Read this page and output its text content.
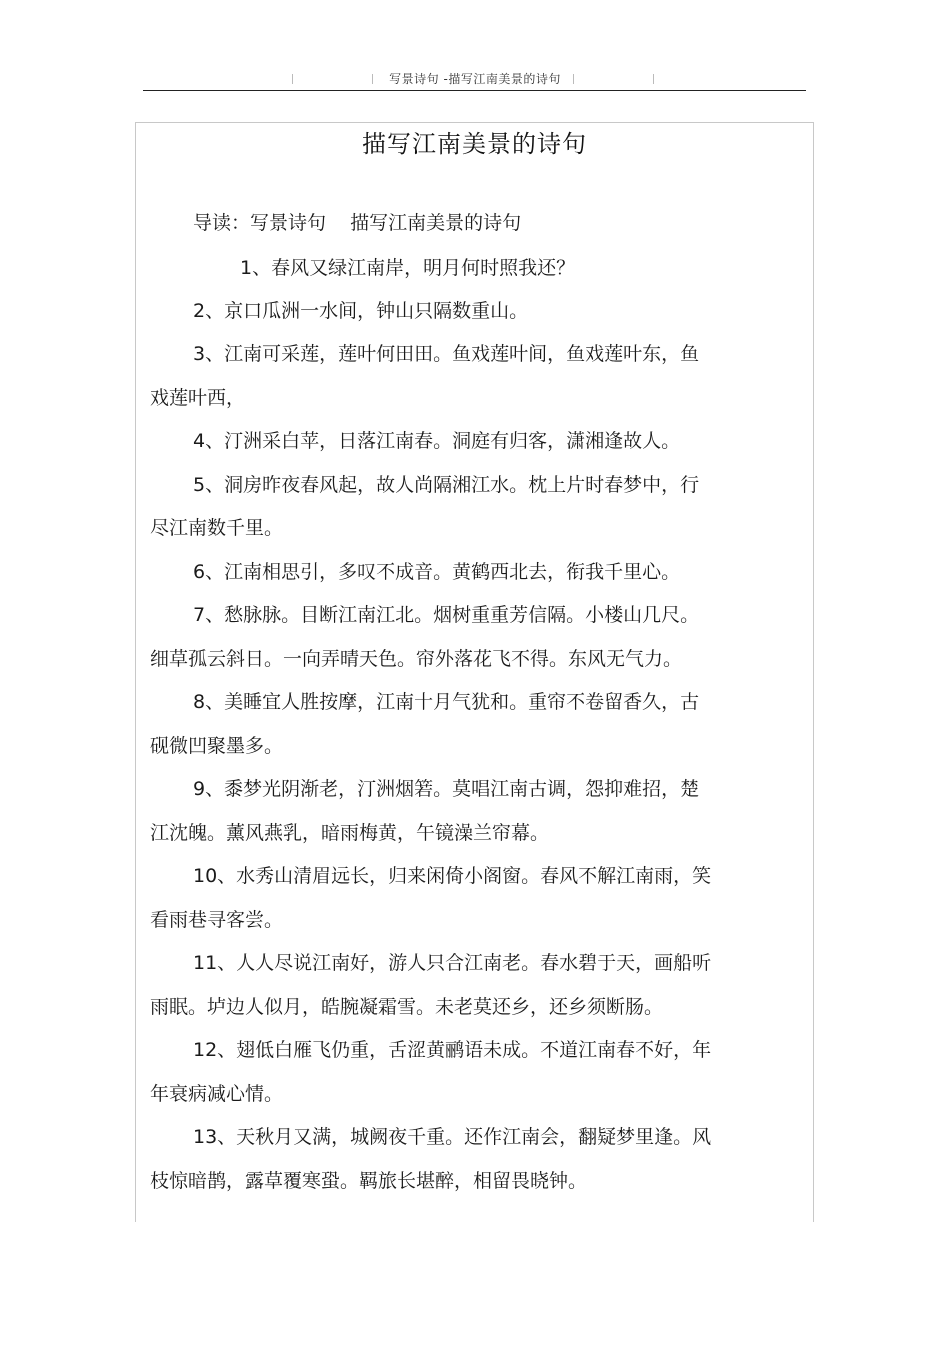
写景诗句 -描写江南美景的诗句
描写江南美景的诗句
导读：写景诗句    描写江南美景的诗句
1、春风又绿江南岸，明月何时照我还？
2、京口瓜洲一水间，钟山只隔数重山。
3、江南可采莲，莲叶何田田。鱼戏莲叶间，鱼戏莲叶东，鱼
戏莲叶西，
4、汀洲采白苹，日落江南春。洞庭有归客，潇湘逢故人。
5、洞房昨夜春风起，故人尚隔湘江水。枕上片时春梦中，行
尽江南数千里。
6、江南相思引，多叹不成音。黄鹤西北去，衔我千里心。
7、愁脉脉。目断江南江北。烟树重重芳信隔。小楼山几尺。
细草孤云斜日。一向弄晴天色。帘外落花飞不得。东风无气力。
8、美睡宜人胜按摩，江南十月气犹和。重帘不卷留香久，古
砚微凹聚墨多。
9、黍梦光阴渐老，汀洲烟箬。莫唱江南古调，怨抑难招，楚
江沈魄。薰风燕乳，暗雨梅黄，午镜澡兰帘幕。
10、水秀山清眉远长，归来闲倚小阁窗。春风不解江南雨，笑
看雨巷寻客尝。
11、人人尽说江南好，游人只合江南老。春水碧于天，画船听
雨眠。垆边人似月，皓腕凝霜雪。未老莫还乡，还乡须断肠。
12、翅低白雁飞仍重，舌涩黄鹂语未成。不道江南春不好，年
年衰病减心情。
13、天秋月又满，城阙夜千重。还作江南会，翻疑梦里逢。风
枝惊暗鹊，露草覆寒蛩。羁旅长堪醉，相留畏晓钟。
